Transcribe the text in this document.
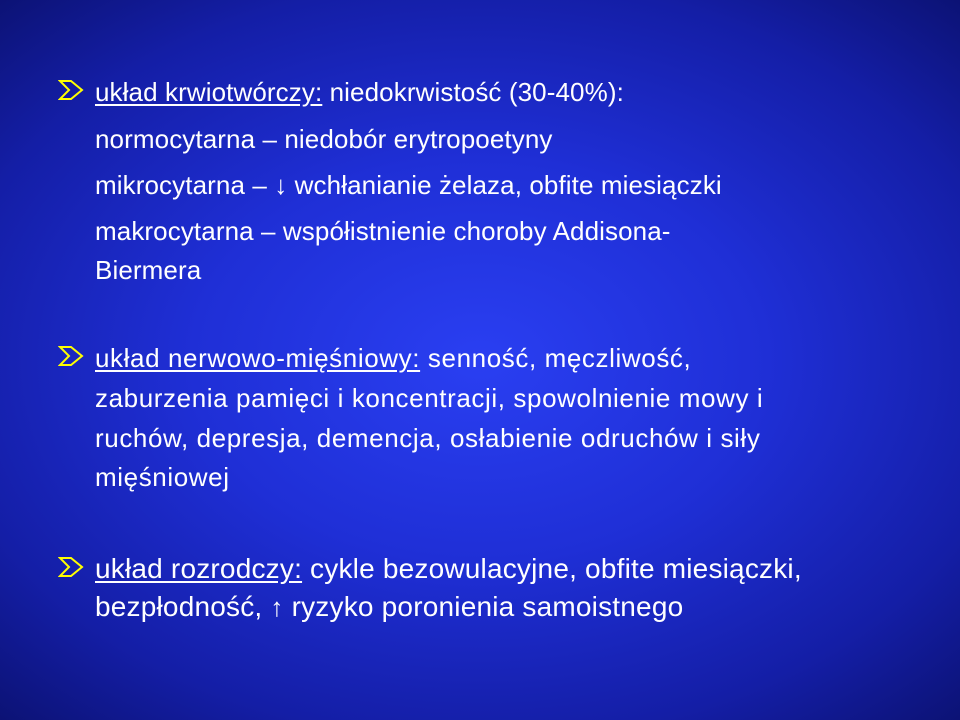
układ krwiotwórczy: niedokrwistość (30-40%):
normocytarna – niedobór erytropoetyny
mikrocytarna – ↓ wchłanianie żelaza, obfite miesiączki
makrocytarna – współistnienie choroby Addisona-
Biermera
układ nerwowo-mięśniowy: senność, męczliwość,
zaburzenia pamięci i koncentracji, spowolnienie mowy i
ruchów, depresja, demencja, osłabienie odruchów i siły
mięśniowej
układ rozrodczy: cykle bezowulacyjne, obfite miesiączki,
bezpłodność, ↑ ryzyko poronienia samoistnego
